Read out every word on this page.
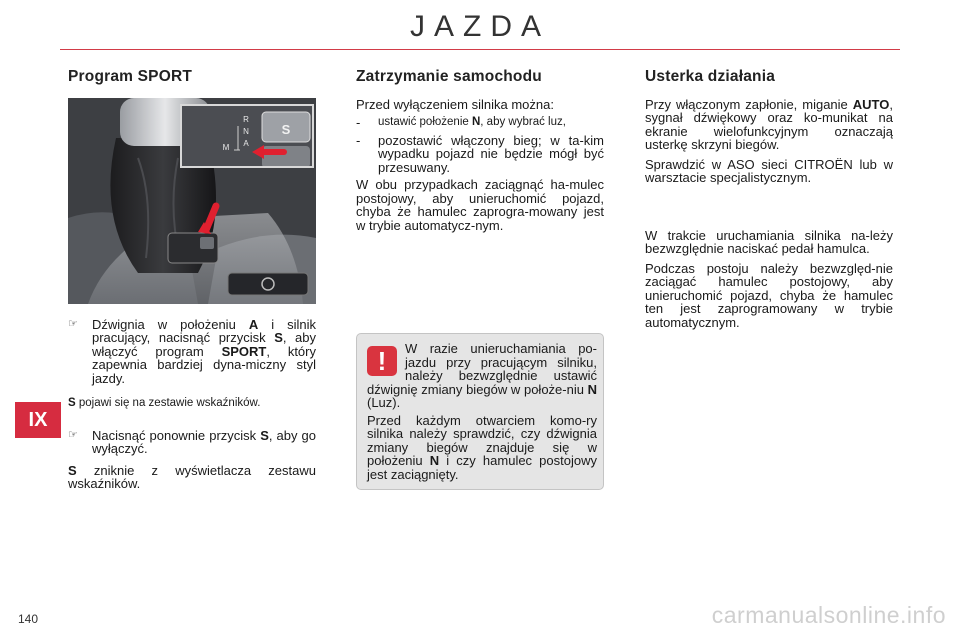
JAZDA
Program SPORT
S
R
N
A
M
☞	Dźwignia w położeniu A i silnik pracujący, nacisnąć przycisk S, aby włączyć program SPORT, który zapewnia bardziej dyna-miczny styl jazdy.

S pojawi się na zestawie wskaźników.

☞	Nacisnąć ponownie przycisk S, aby go wyłączyć.

S zniknie z wyświetlacza zestawu wskaźników.

Zatrzymanie samochodu

Przed wyłączeniem silnika można:

-	ustawić położenie N, aby wybrać luz,
-	pozostawić włączony bieg; w ta-kim wypadku pojazd nie będzie mógł być przesuwany.

W obu przypadkach zaciągnąć ha-mulec postojowy, aby unieruchomić pojazd, chyba że hamulec zaprogra-mowany jest w trybie automatycz-nym.

!	W razie unieruchamiania po-jazdu przy pracującym silniku, należy bezwzględnie ustawić dźwignię zmiany biegów w położe-niu N (Luz).

Przed każdym otwarciem komo-ry silnika należy sprawdzić, czy dźwignia zmiany biegów znajduje się w położeniu N i czy hamulec postojowy jest zaciągnięty.

Usterka działania

Przy włączonym zapłonie, miganie AUTO, sygnał dźwiękowy oraz ko-munikat na ekranie wielofunkcyjnym oznaczają usterkę skrzyni biegów.

Sprawdzić w ASO sieci CITROËN lub w warsztacie specjalistycznym.

W trakcie uruchamiania silnika na-leży bezwzględnie naciskać pedał hamulca.

Podczas postoju należy bezwzględ-nie zaciągać hamulec postojowy, aby unieruchomić pojazd, chyba że hamulec ten jest zaprogramowany w trybie automatycznym.

IX
140	carmanualsonline.info
